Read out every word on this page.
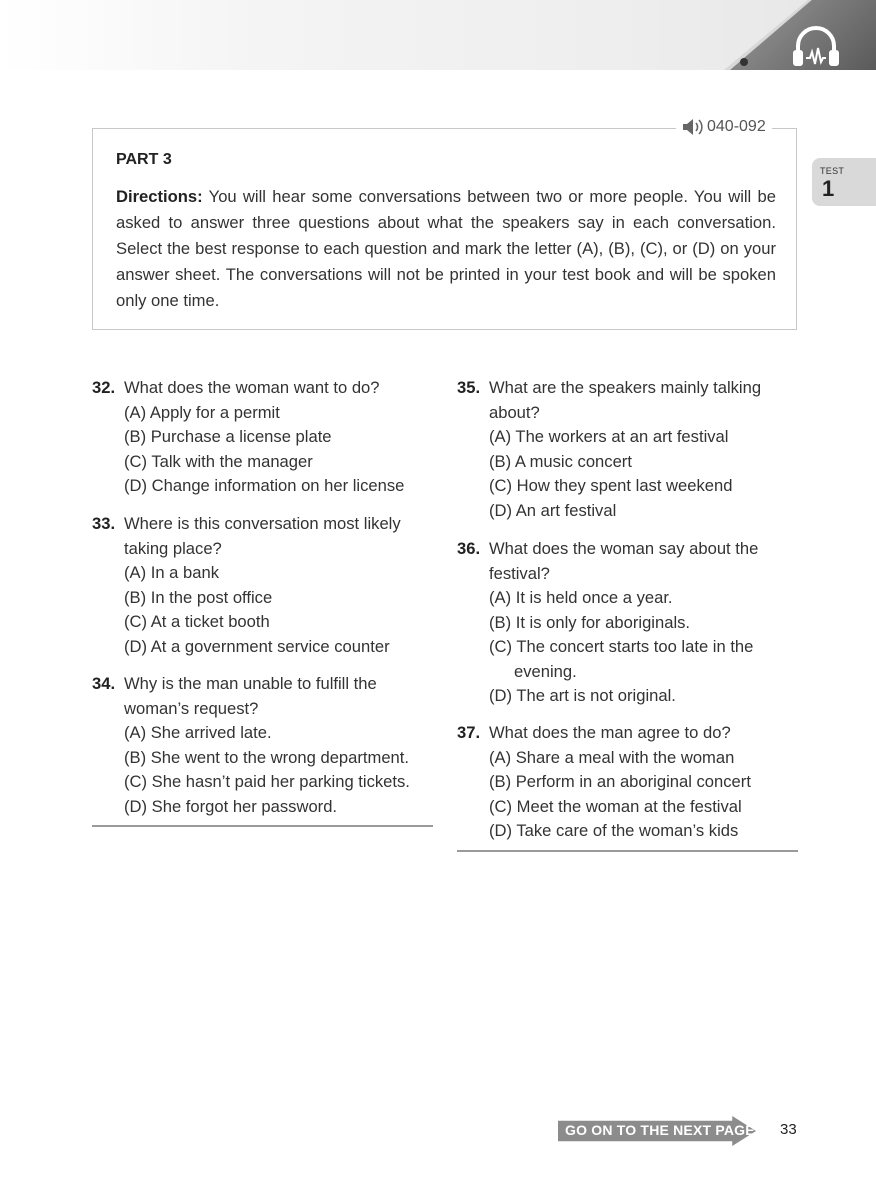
TEST
1
040-092
PART 3
Directions: You will hear some conversations between two or more people. You will be asked to answer three questions about what the speakers say in each conversation. Select the best response to each question and mark the letter (A), (B), (C), or (D) on your answer sheet. The conversations will not be printed in your test book and will be spoken only one time.
32. What does the woman want to do?
(A) Apply for a permit
(B) Purchase a license plate
(C) Talk with the manager
(D) Change information on her license
33. Where is this conversation most likely
taking place?
(A) In a bank
(B) In the post office
(C) At a ticket booth
(D) At a government service counter
34. Why is the man unable to fulfill the
woman’s request?
(A) She arrived late.
(B) She went to the wrong department.
(C) She hasn’t paid her parking tickets.
(D) She forgot her password.
35. What are the speakers mainly talking
about?
(A) The workers at an art festival
(B) A music concert
(C) How they spent last weekend
(D) An art festival
36. What does the woman say about the
festival?
(A) It is held once a year.
(B) It is only for aboriginals.
(C) The concert starts too late in the
evening.
(D) The art is not original.
37. What does the man agree to do?
(A) Share a meal with the woman
(B) Perform in an aboriginal concert
(C) Meet the woman at the festival
(D) Take care of the woman’s kids
GO ON TO THE NEXT PAGE 33
